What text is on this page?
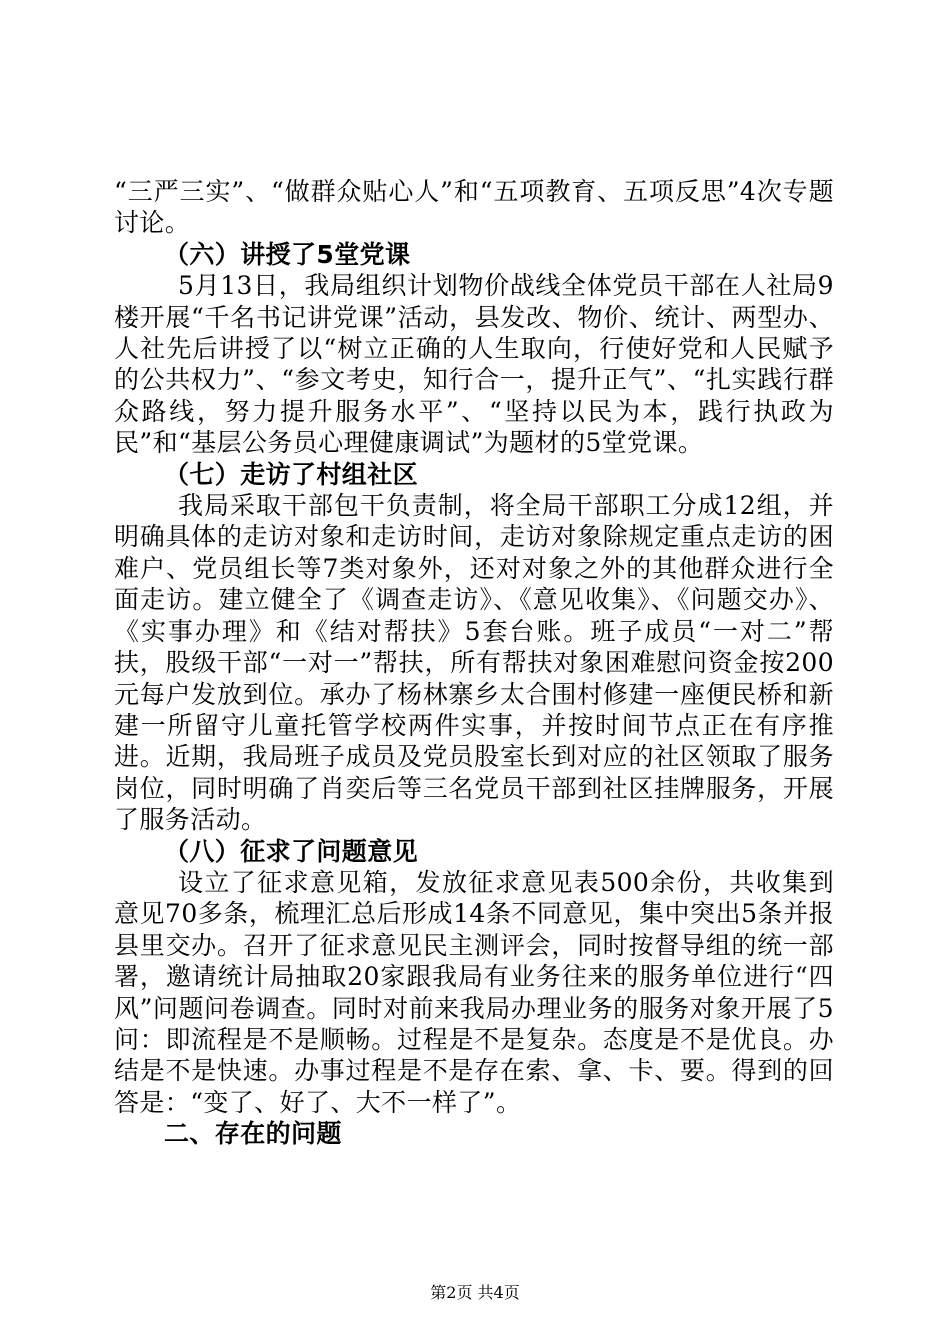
“三严三实”、“做群众贴心人”和“五项教育、五项反思”4次专题讨论。

（六）讲授了5堂党课

5月13日，我局组织计划物价战线全体党员干部在人社局9楼开展“千名书记讲党课”活动，县发改、物价、统计、两型办、人社先后讲授了以“树立正确的人生取向，行使好党和人民赋予的公共权力”、“参文考史，知行合一，提升正气”、“扎实践行群众路线，努力提升服务水平”、“坚持以民为本，践行执政为民”和“基层公务员心理健康调试”为题材的5堂党课。

（七）走访了村组社区

我局采取干部包干负责制，将全局干部职工分成12组，并明确具体的走访对象和走访时间，走访对象除规定重点走访的困难户、党员组长等7类对象外，还对对象之外的其他群众进行全面走访。建立健全了《调查走访》、《意见收集》、《问题交办》、《实事办理》和《结对帮扶》5套台账。班子成员“一对二”帮扶，股级干部“一对一”帮扶，所有帮扶对象困难慰问资金按200元每户发放到位。承办了杨林寨乡太合围村修建一座便民桥和新建一所留守儿童托管学校两件实事，并按时间节点正在有序推进。近期，我局班子成员及党员股室长到对应的社区领取了服务岗位，同时明确了肖奕后等三名党员干部到社区挂牌服务，开展了服务活动。

（八）征求了问题意见

设立了征求意见箱，发放征求意见表500余份，共收集到意见70多条，梳理汇总后形成14条不同意见，集中突出5条并报县里交办。召开了征求意见民主测评会，同时按督导组的统一部署，邀请统计局抽取20家跟我局有业务往来的服务单位进行“四风”问题问卷调查。同时对前来我局办理业务的服务对象开展了5问：即流程是不是顺畅。过程是不是复杂。态度是不是优良。办结是不是快速。办事过程是不是存在索、拿、卡、要。得到的回答是：“变了、好了、大不一样了”。

二、存在的问题
第2页 共4页
